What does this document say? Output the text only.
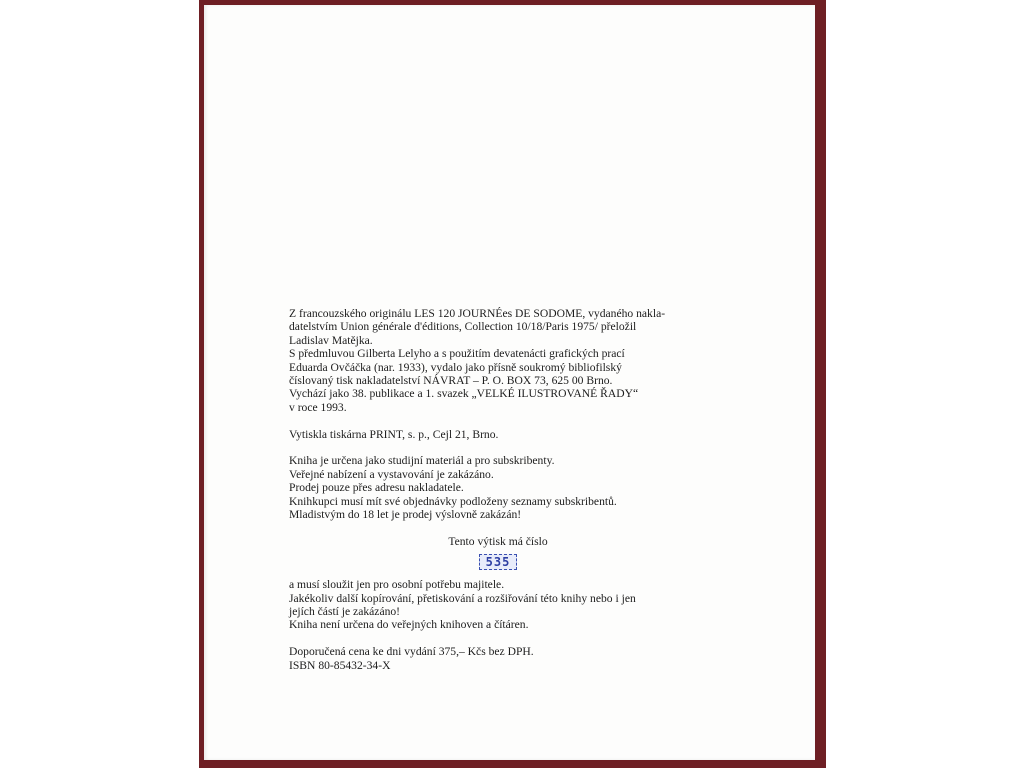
Z francouzského originálu LES 120 JOURNÉes DE SODOME, vydaného nakla-
datelstvím Union générale d'éditions, Collection 10/18/Paris 1975/ přeložil
Ladislav Matějka.

S předmluvou Gilberta Lelyho a s použitím devatenácti grafických prací
Eduarda Ovčáčka (nar. 1933), vydalo jako přísně soukromý bibliofilský
číslovaný tisk nakladatelství NÁVRAT – P. O. BOX 73, 625 00 Brno.

Vychází jako 38. publikace a 1. svazek „VELKÉ ILUSTROVANÉ ŘADY“
v roce 1993.

Vytiskla tiskárna PRINT, s. p., Cejl 21, Brno.

Kniha je určena jako studijní materiál a pro subskribenty.
Veřejné nabízení a vystavování je zakázáno.
Prodej pouze přes adresu nakladatele.
Knihkupci musí mít své objednávky podloženy seznamy subskribentů.
Mladistvým do 18 let je prodej výslovně zakázán!

Tento výtisk má číslo

535

a musí sloužit jen pro osobní potřebu majitele.
Jakékoliv další kopírování, přetiskování a rozšiřování této knihy nebo i jen
jejích částí je zakázáno!
Kniha není určena do veřejných knihoven a čítáren.

Doporučená cena ke dni vydání 375,– Kčs bez DPH.

ISBN 80-85432-34-X
